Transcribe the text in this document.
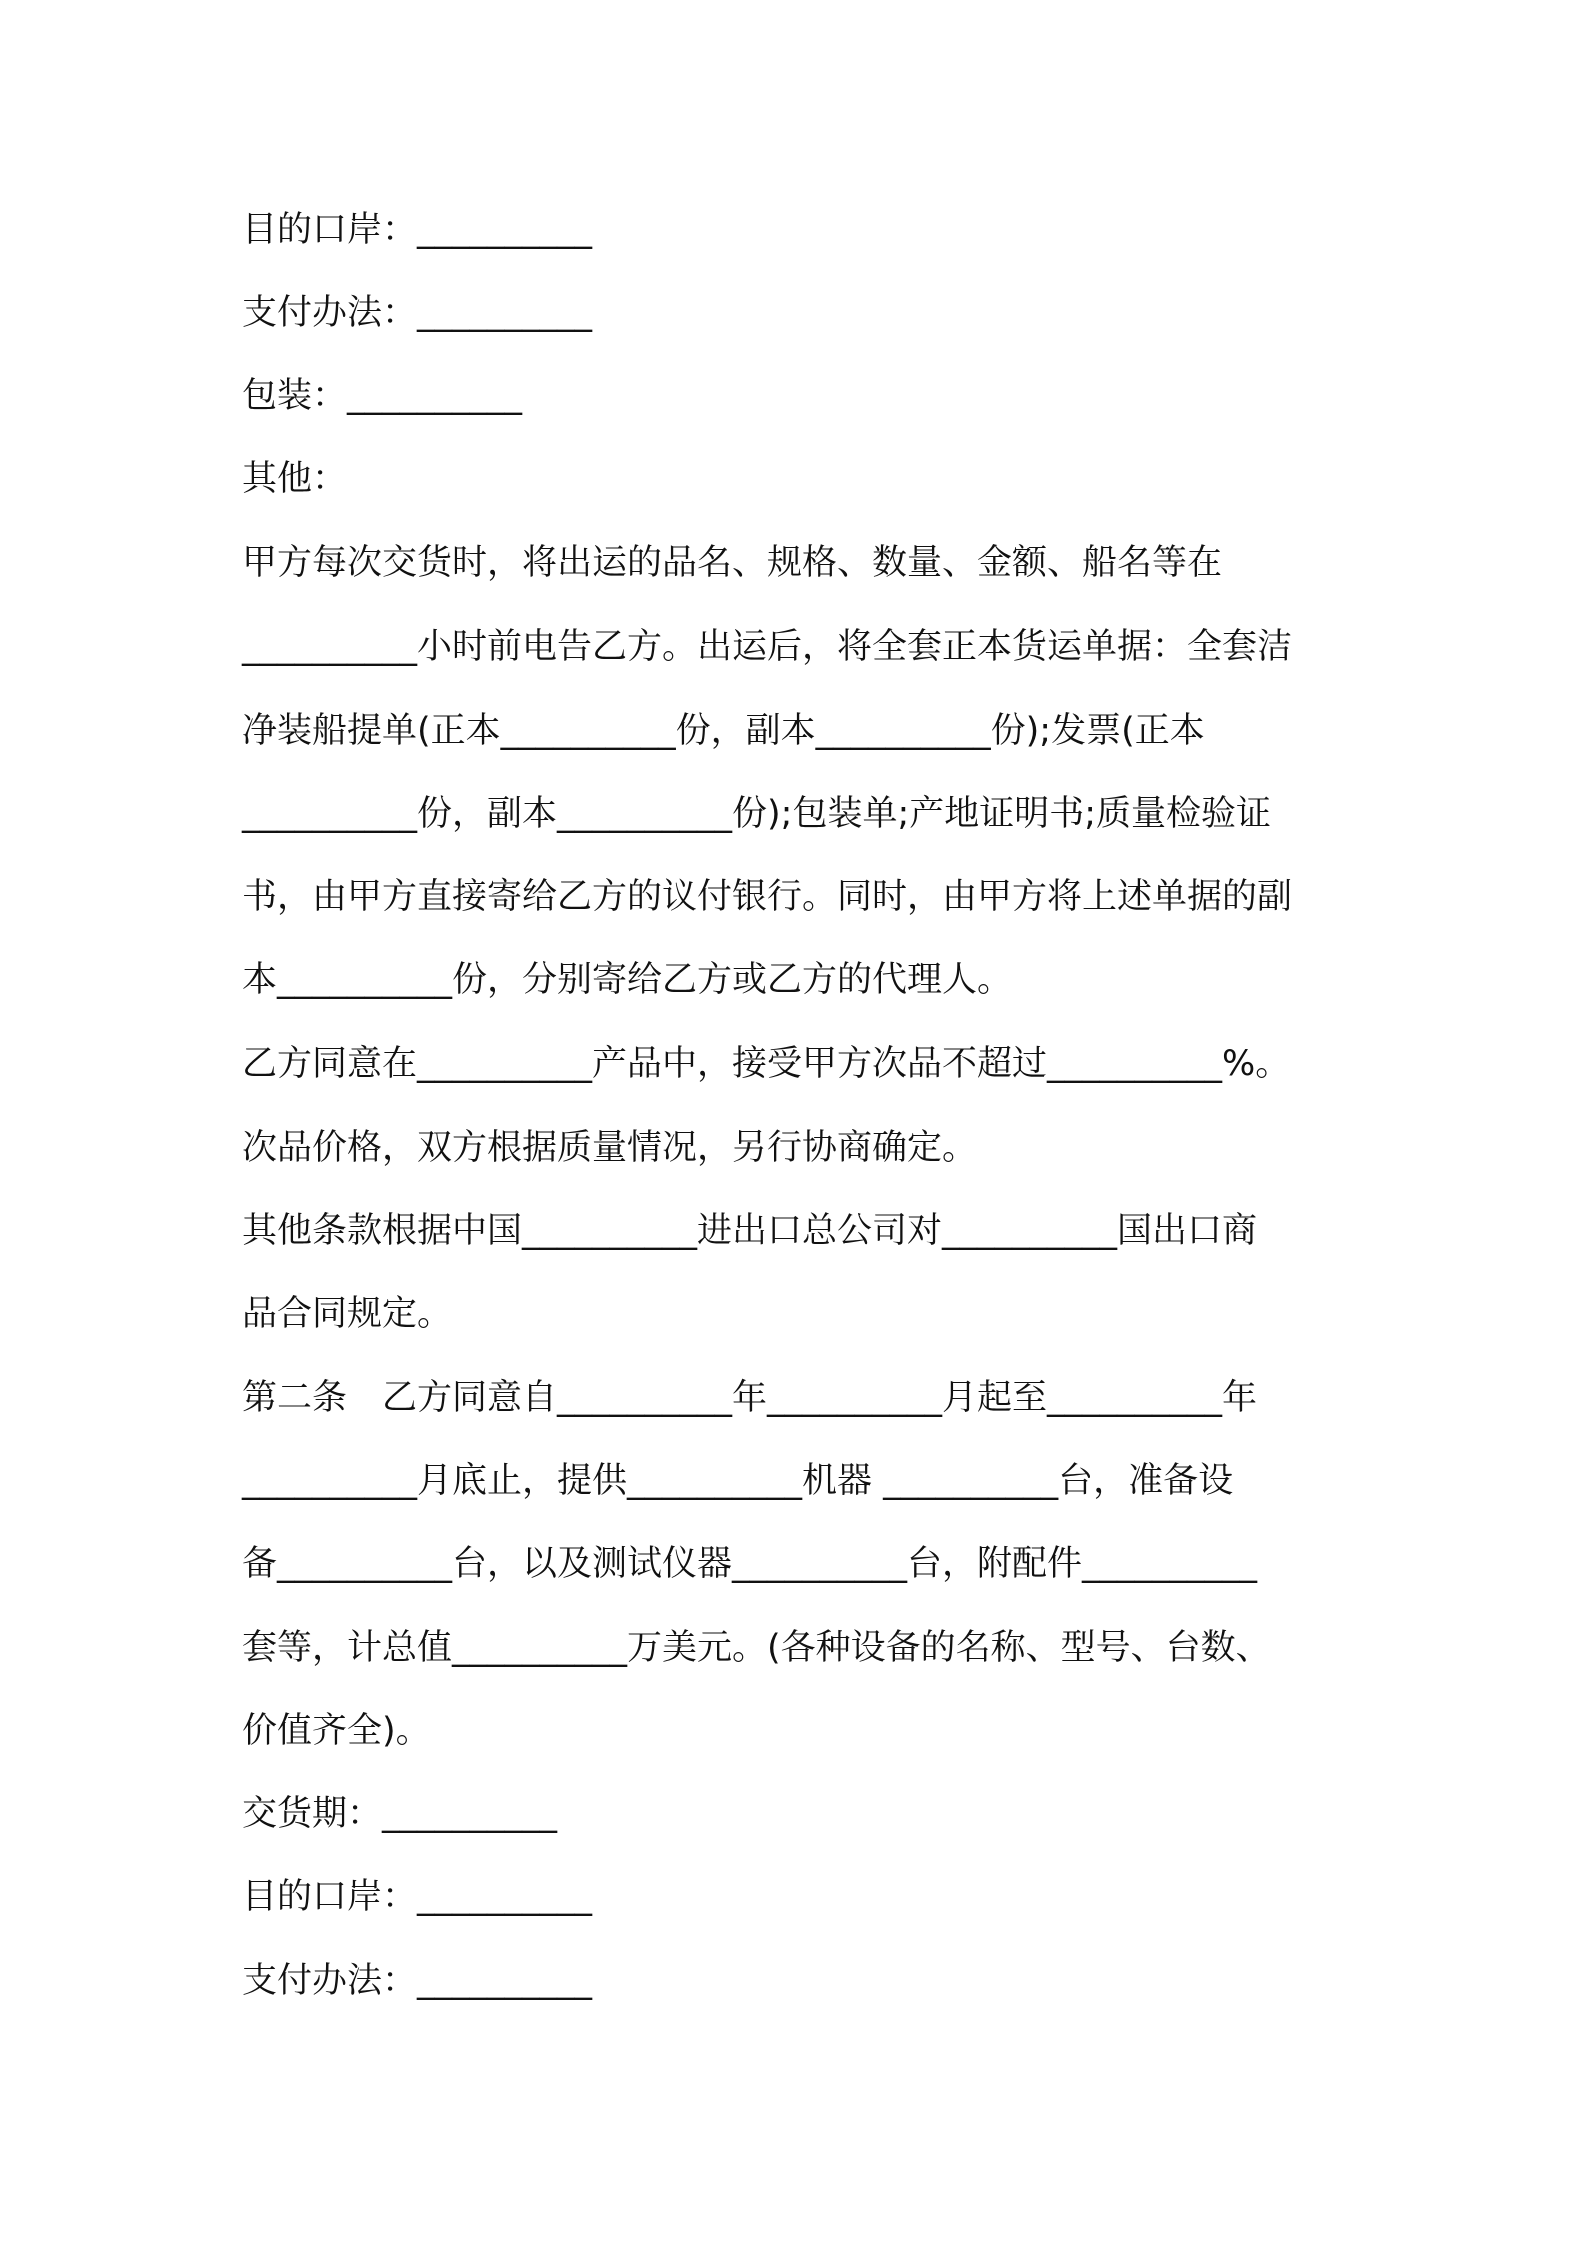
目的口岸：__________
支付办法：__________
包装：__________
其他：
甲方每次交货时，将出运的品名、规格、数量、金额、船名等在
__________小时前电告乙方。出运后，将全套正本货运单据：全套洁
净装船提单(正本__________份，副本__________份);发票(正本
__________份，副本__________份);包装单;产地证明书;质量检验证
书，由甲方直接寄给乙方的议付银行。同时，由甲方将上述单据的副
本__________份，分别寄给乙方或乙方的代理人。
乙方同意在__________产品中，接受甲方次品不超过__________%。
次品价格，双方根据质量情况，另行协商确定。
其他条款根据中国__________进出口总公司对__________国出口商
品合同规定。
第二条　乙方同意自__________年__________月起至__________年
__________月底止，提供__________机器 __________台，准备设
备__________台，以及测试仪器__________台，附配件__________
套等，计总值__________万美元。(各种设备的名称、型号、台数、
价值齐全)。
交货期：__________
目的口岸：__________
支付办法：__________
